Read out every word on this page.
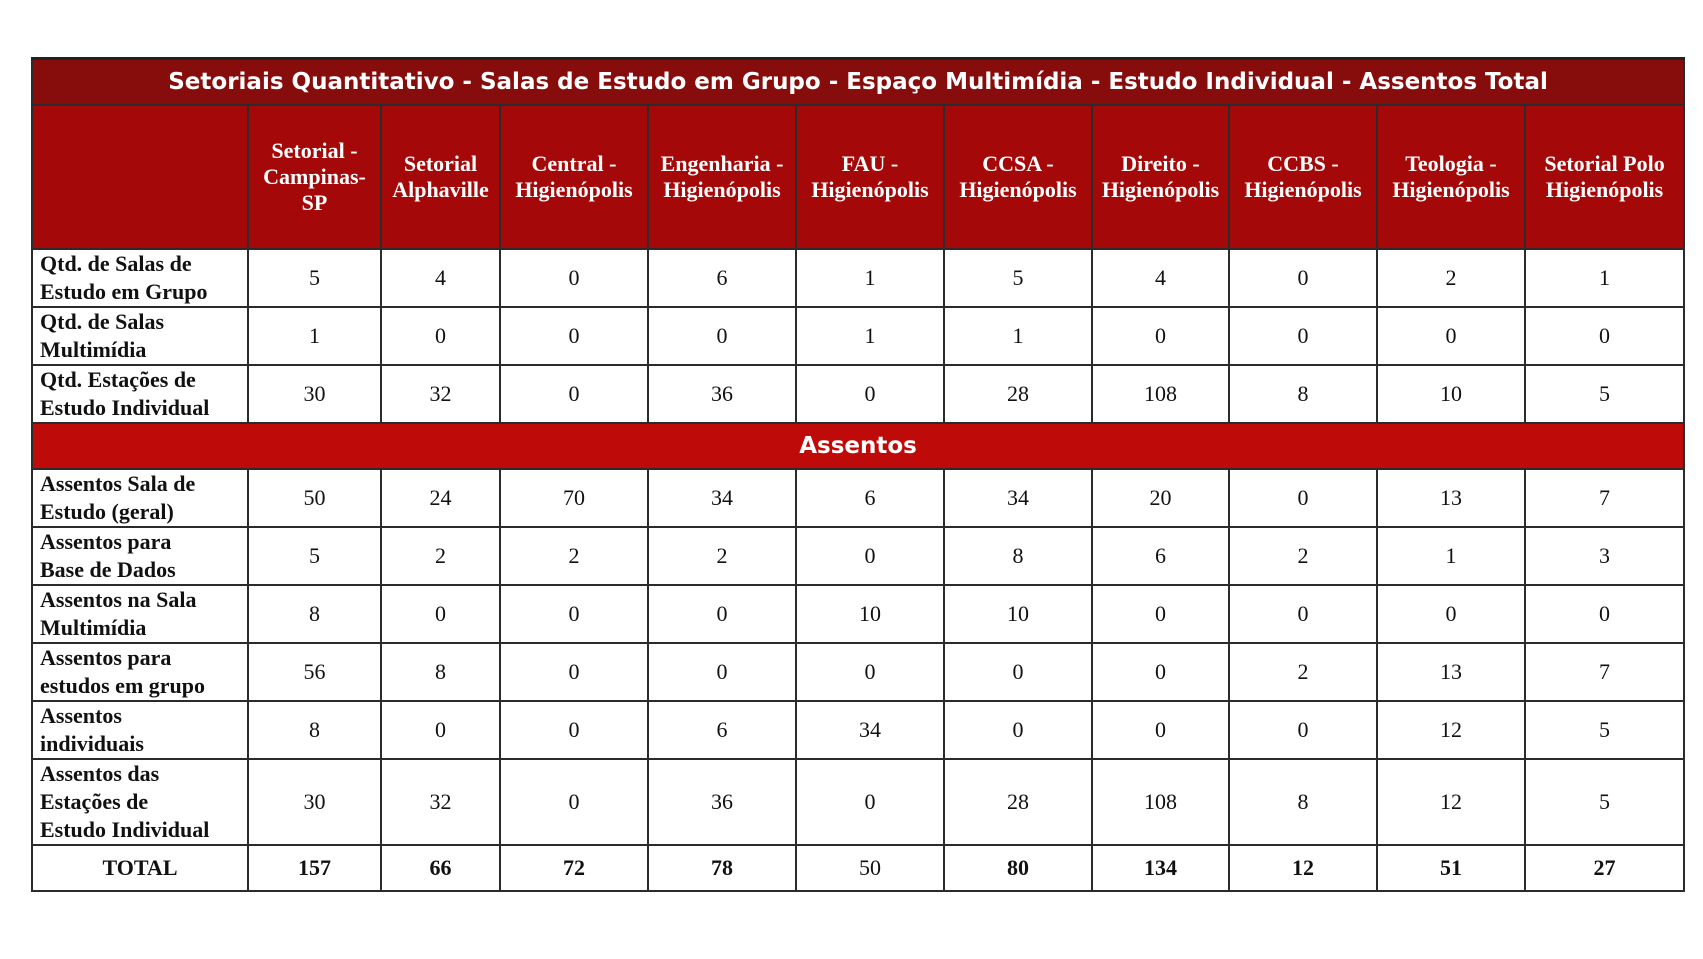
Setoriais Quantitativo - Salas de Estudo em Grupo - Espaço Multimídia - Estudo Individual - Assentos Total										
	Setorial -
Campinas-
SP	Setorial
Alphaville	Central -
Higienópolis	Engenharia -
Higienópolis	FAU -
Higienópolis	CCSA -
Higienópolis	Direito -
Higienópolis	CCBS -
Higienópolis	Teologia -
Higienópolis	Setorial Polo
Higienópolis
Qtd. de Salas de
Estudo em Grupo	5	4	0	6	1	5	4	0	2	1
Qtd. de Salas
Multimídia	1	0	0	0	1	1	0	0	0	0
Qtd. Estações de
Estudo Individual	30	32	0	36	0	28	108	8	10	5
Assentos										
Assentos Sala de
Estudo (geral)	50	24	70	34	6	34	20	0	13	7
Assentos para
Base de Dados	5	2	2	2	0	8	6	2	1	3
Assentos na Sala
Multimídia	8	0	0	0	10	10	0	0	0	0
Assentos para
estudos em grupo	56	8	0	0	0	0	0	2	13	7
Assentos
individuais	8	0	0	6	34	0	0	0	12	5
Assentos das
Estações de
Estudo Individual	30	32	0	36	0	28	108	8	12	5
TOTAL	157	66	72	78	50	80	134	12	51	27
